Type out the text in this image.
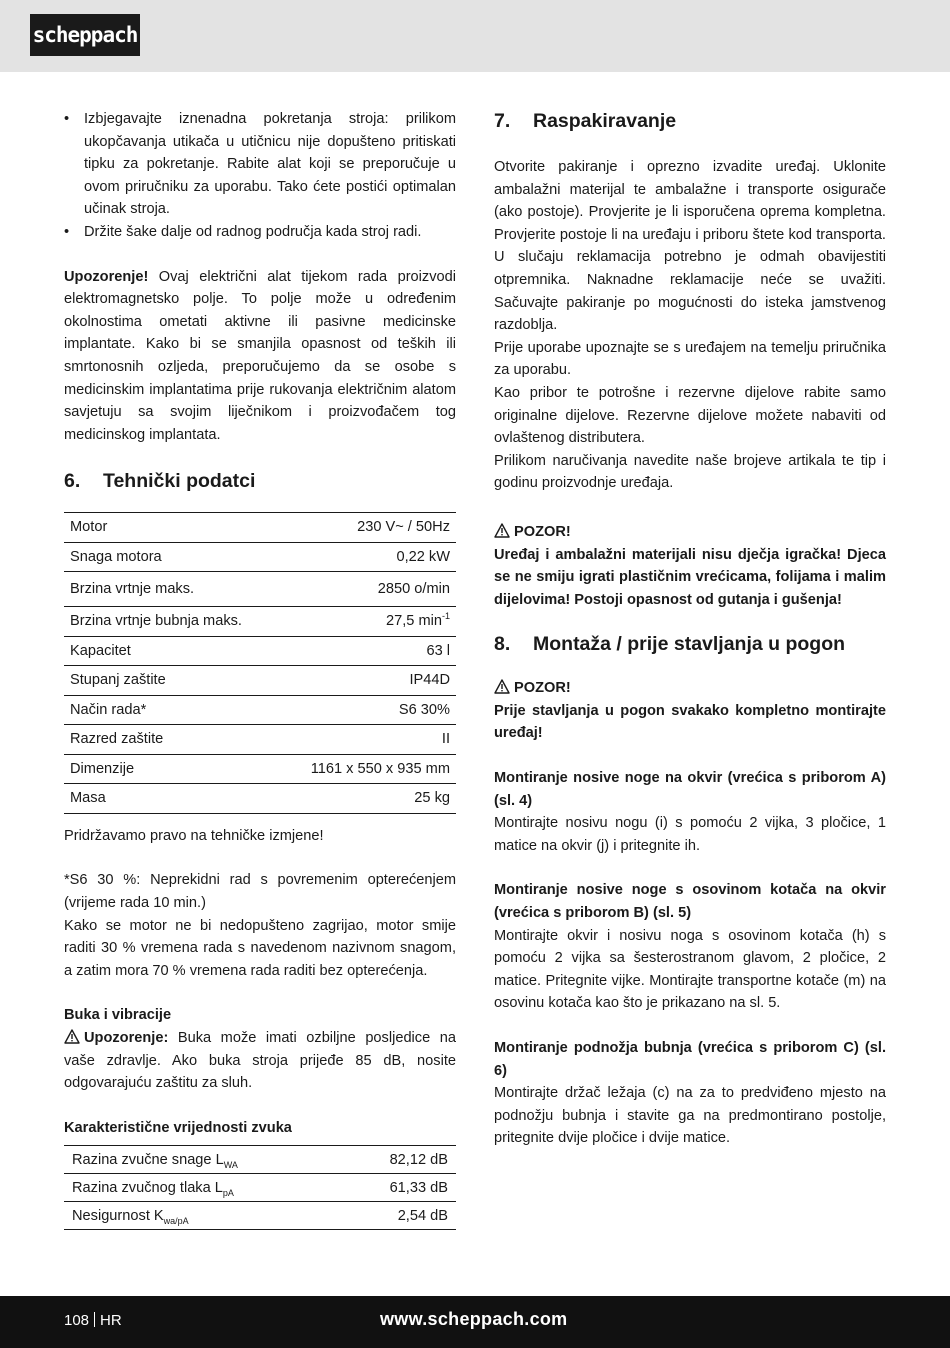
scheppach
• Izbjegavajte iznenadna pokretanja stroja: prilikom ukopčavanja utikača u utičnicu nije dopušteno pritiskati tipku za pokretanje. Rabite alat koji se preporučuje u ovom priručniku za uporabu. Tako ćete postići optimalan učinak stroja.
• Držite šake dalje od radnog područja kada stroj radi.

Upozorenje! Ovaj električni alat tijekom rada proizvodi elektromagnetsko polje. To polje može u određenim okolnostima ometati aktivne ili pasivne medicinske implantate. Kako bi se smanjila opasnost od teških ili smrtonosnih ozljeda, preporučujemo da se osobe s medicinskim implantatima prije rukovanja električnim alatom savjetuju sa svojim liječnikom i proizvođačem tog medicinskog implantata.

6. Tehnički podatci
Motor	230 V~ / 50Hz
Snaga motora	0,22 kW
Brzina vrtnje maks.	2850 o/min
Brzina vrtnje bubnja maks.	27,5 $\min^{-1}$
Kapacitet	63 l
Stupanj zaštite	IP44D
Način rada*	S6 30%
Razred zaštite	II
Dimenzije	1161 x 550 x 935 mm
Masa	25 kg

Pridržavamo pravo na tehničke izmjene!

*S6 30 %: Neprekidni rad s povremenim opterećenjem (vrijeme rada 10 min.)

Kako se motor ne bi nedopušteno zagrijao, motor smije raditi 30 % vremena rada s navedenom nazivnom snagom, a zatim mora 70 % vremena rada raditi bez opterećenja.

Buka i vibracije

Upozorenje: Buka može imati ozbiljne posljedice na vaše zdravlje. Ako buka stroja prijeđe 85 dB, nosite odgovarajuću zaštitu za sluh.

Karakteristične vrijednosti zvuka

Razina zvučne snage $L_{WA}$	82,12 dB
Razina zvučnog tlaka $L_{pA}$	61,33 dB
Nesigurnost $K_{wa/pA}$	2,54 dB
7. Raspakiravanje

Otvorite pakiranje i oprezno izvadite uređaj. Uklonite ambalažni materijal te ambalažne i transporte osigurače (ako postoje). Provjerite je li isporučena oprema kompletna. Provjerite postoje li na uređaju i priboru štete kod transporta. U slučaju reklamacija potrebno je odmah obavijestiti otpremnika. Naknadne reklamacije neće se uvažiti. Sačuvajte pakiranje po mogućnosti do isteka jamstvenog razdoblja.

Prije uporabe upoznajte se s uređajem na temelju priručnika za uporabu.

Kao pribor te potrošne i rezervne dijelove rabite samo originalne dijelove. Rezervne dijelove možete nabaviti od ovlaštenog distributera.

Prilikom naručivanja navedite naše brojeve artikala te tip i godinu proizvodnje uređaja.

POZOR!

Uređaj i ambalažni materijali nisu dječja igračka! Djeca se ne smiju igrati plastičnim vrećicama, folijama i malim dijelovima! Postoji opasnost od gutanja i gušenja!

8. Montaža / prije stavljanja u pogon

POZOR!

Prije stavljanja u pogon svakako kompletno montirajte uređaj!

Montiranje nosive noge na okvir (vrećica s priborom A) (sl. 4)

Montirajte nosivu nogu (i) s pomoću 2 vijka, 3 pločice, 1 matice na okvir (j) i pritegnite ih.

Montiranje nosive noge s osovinom kotača na okvir (vrećica s priborom B) (sl. 5)

Montirajte okvir i nosivu noga s osovinom kotača (h) s pomoću 2 vijka sa šesterostranom glavom, 2 pločice, 2 matice. Pritegnite vijke. Montirajte transportne kotače (m) na osovinu kotača kao što je prikazano na sl. 5.

Montiranje podnožja bubnja (vrećica s priborom C) (sl. 6)

Montirajte držač ležaja (c) na za to predviđeno mjesto na podnožju bubnja i stavite ga na predmontirano postolje, pritegnite dvije pločice i dvije matice.

108 HR	www.scheppach.com
